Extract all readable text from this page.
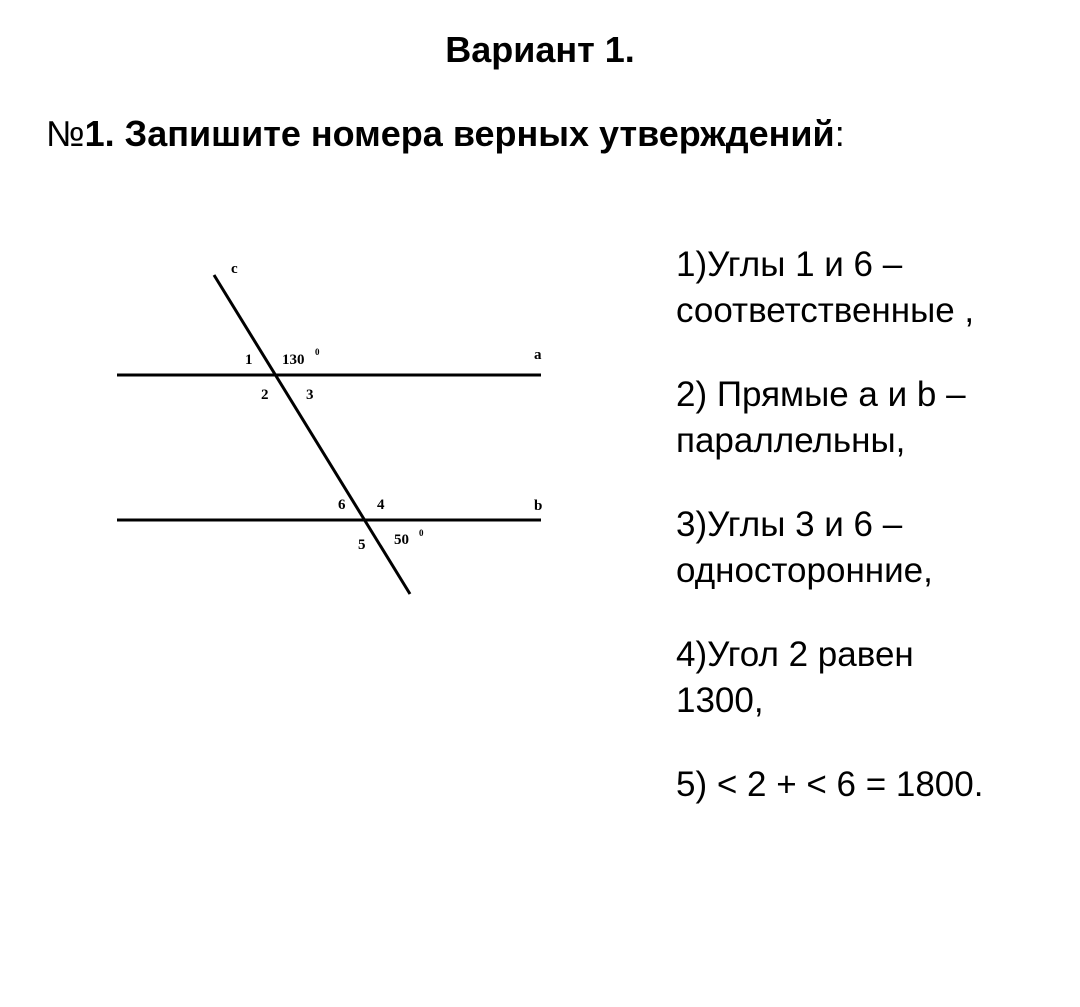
Вариант 1.
№1. Запишите номера верных утверждений:
c
a
b
1 130 0
2	3
6 4
5 50 0
1)Углы 1 и 6 –
соответственные ,
2) Прямые a и b –
параллельны,
3)Углы 3 и 6 –
односторонние,
4)Угол 2 равен
1300,
5) < 2 + < 6 = 1800.
